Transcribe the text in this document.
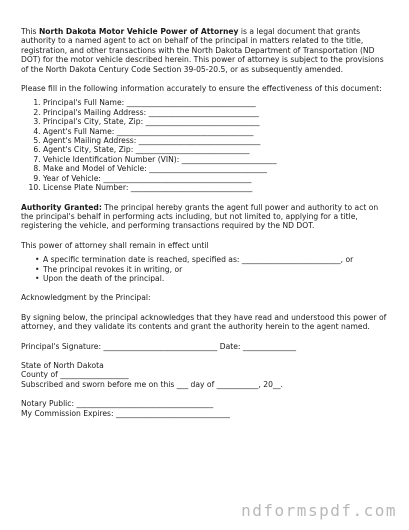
This North Dakota Motor Vehicle Power of Attorney is a legal document that grants authority to a named agent to act on behalf of the principal in matters related to the title, registration, and other transactions with the North Dakota Department of Transportation (ND DOT) for the motor vehicle described herein. This power of attorney is subject to the provisions of the North Dakota Century Code Section 39-05-20.5, or as subsequently amended.

Please fill in the following information accurately to ensure the effectiveness of this document:

1. Principal's Full Name: __________________________________
2. Principal's Mailing Address: _____________________________
3. Principal's City, State, Zip: ______________________________
4. Agent's Full Name: ____________________________________
5. Agent's Mailing Address: ________________________________
6. Agent's City, State, Zip: ______________________________
7. Vehicle Identification Number (VIN): _________________________
8. Make and Model of Vehicle: _______________________________
9. Year of Vehicle: _______________________________________
10. License Plate Number: ________________________________

Authority Granted: The principal hereby grants the agent full power and authority to act on the principal's behalf in performing acts including, but not limited to, applying for a title, registering the vehicle, and performing transactions required by the ND DOT.

This power of attorney shall remain in effect until

• A specific termination date is reached, specified as: __________________________, or
• The principal revokes it in writing, or
• Upon the death of the principal.

Acknowledgment by the Principal:

By signing below, the principal acknowledges that they have read and understood this power of attorney, and they validate its contents and grant the authority herein to the agent named.

Principal's Signature: ______________________________ Date: ______________

State of North Dakota

County of __________________

Subscribed and sworn before me on this ___ day of ___________, 20__.

Notary Public: ____________________________________

My Commission Expires: ______________________________

ndformspdf.com
